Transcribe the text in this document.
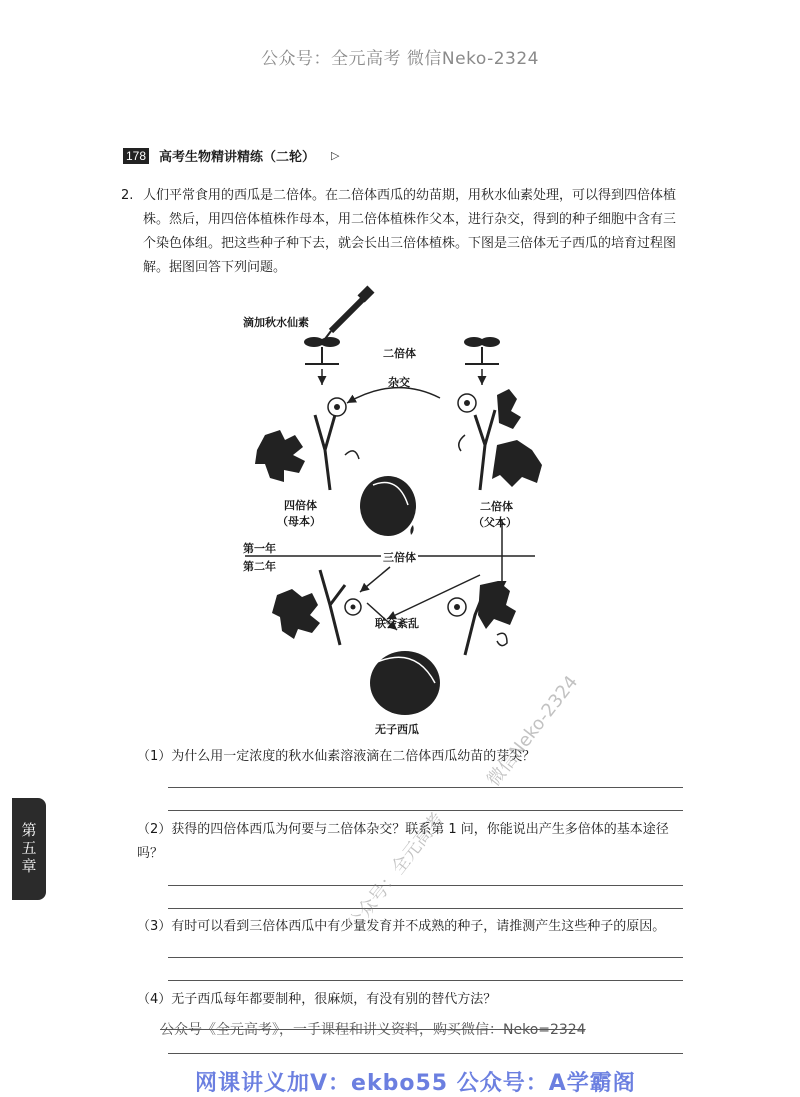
公众号：全元高考 微信Neko-2324
178 高考生物精讲精练（二轮） ▷
2. 人们平常食用的西瓜是二倍体。在二倍体西瓜的幼苗期，用秋水仙素处理，可以得到四倍体植株。然后，用四倍体植株作母本，用二倍体植株作父本，进行杂交，得到的种子细胞中含有三个染色体组。把这些种子种下去，就会长出三倍体植株。下图是三倍体无子西瓜的培育过程图解。据图回答下列问题。
滴加秋水仙素
二倍体
杂交
四倍体
（母本）
二倍体
（父本）
第一年
第二年
三倍体
联会紊乱
无子西瓜
（1）为什么用一定浓度的秋水仙素溶液滴在二倍体西瓜幼苗的芽尖？
（2）获得的四倍体西瓜为何要与二倍体杂交？联系第 1 问，你能说出产生多倍体的基本途径吗？
（3）有时可以看到三倍体西瓜中有少量发育并不成熟的种子，请推测产生这些种子的原因。
（4）无子西瓜每年都要制种，很麻烦，有没有别的替代方法？
第五章
微信Neko-2324
公众号：全元高考
公众号《全元高考》，一手课程和讲义资料，购买微信：Neko=2324
网课讲义加V：ekbo55 公众号：A学霸阁
